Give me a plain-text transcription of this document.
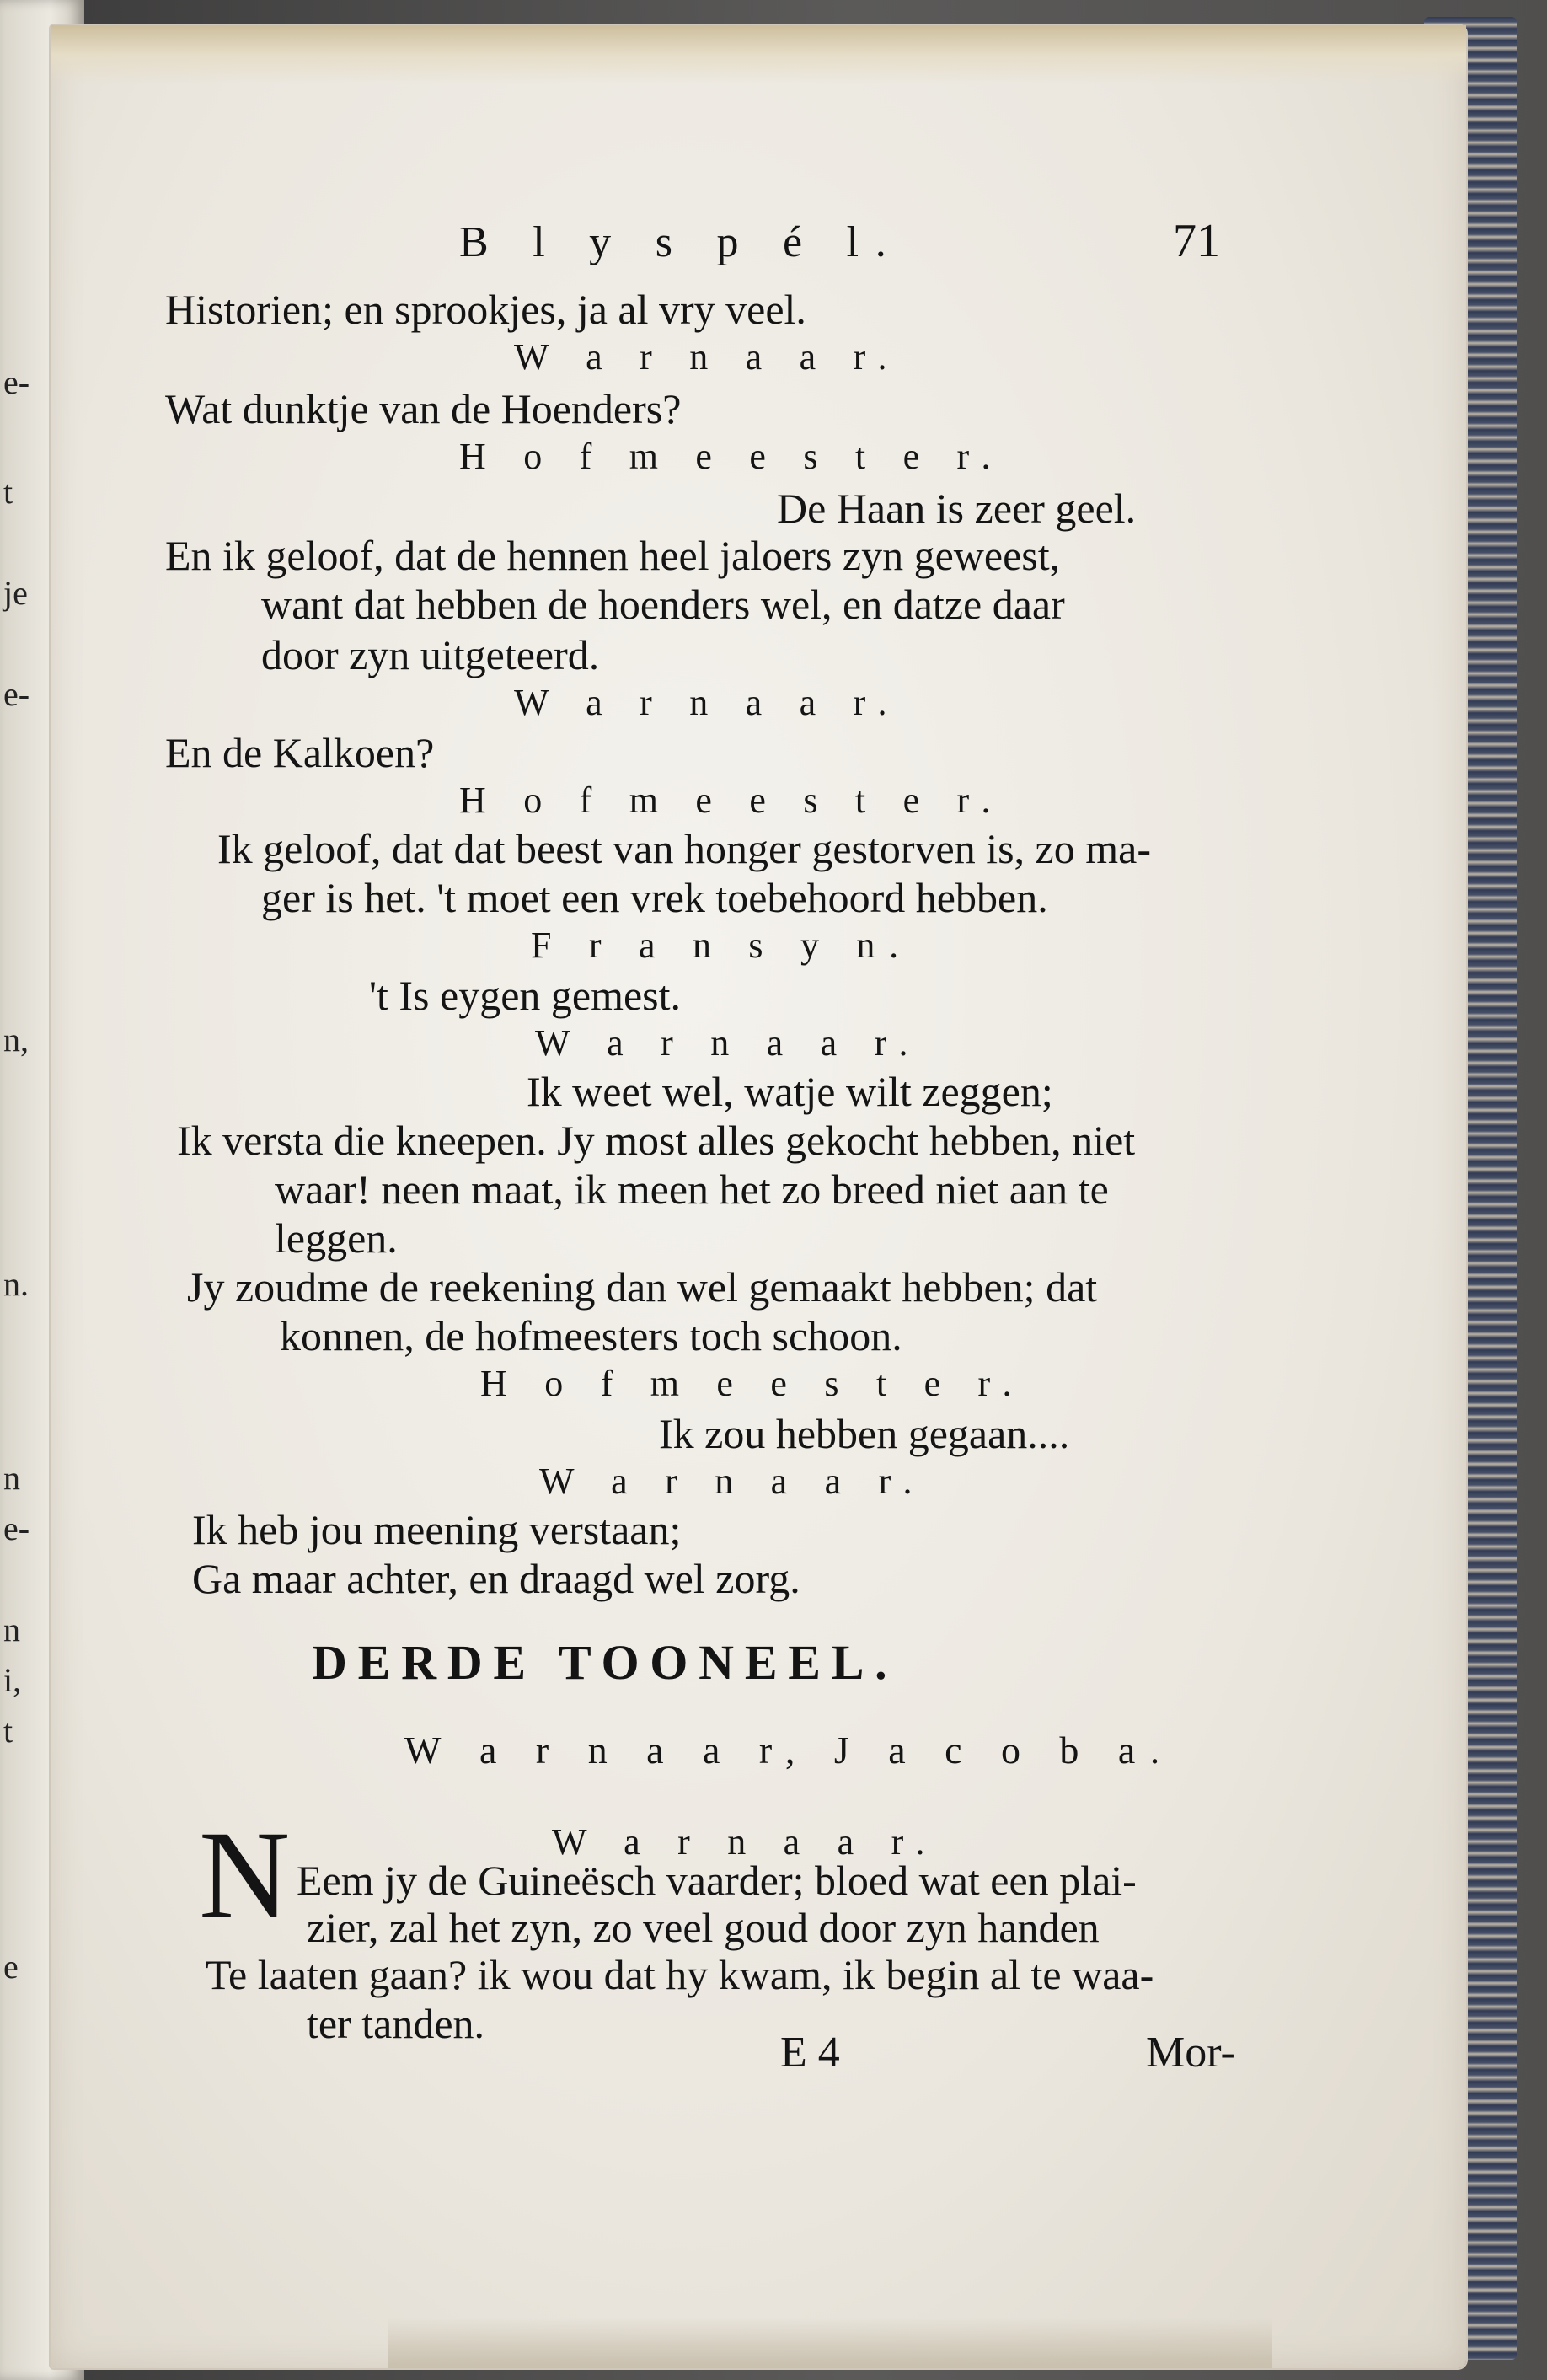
e-
t
je
e-
n,
n.
n
e-
n
i,
t
e
B l y s p é l.	71
Historien; en sprookjes, ja al vry veel.
W a r n a a r.
Wat dunktje van de Hoenders?
H o f m e e s t e r.
De Haan is zeer geel.
En ik geloof, dat de hennen heel jaloers zyn geweest,
want dat hebben de hoenders wel, en datze daar
door zyn uitgeteerd.
W a r n a a r.
En de Kalkoen?
H o f m e e s t e r.
Ik geloof, dat dat beest van honger gestorven is, zo ma-
ger is het. 't moet een vrek toebehoord hebben.
F r a n s y n.
't Is eygen gemest.
W a r n a a r.
Ik weet wel, watje wilt zeggen;
Ik versta die kneepen. Jy most alles gekocht hebben, niet
waar! neen maat, ik meen het zo breed niet aan te
leggen.
Jy zoudme de reekening dan wel gemaakt hebben; dat
konnen, de hofmeesters toch schoon.
H o f m e e s t e r.
Ik zou hebben gegaan....
W a r n a a r.
Ik heb jou meening verstaan;
Ga maar achter, en draagd wel zorg.
DERDE TOONEEL.
W a r n a a r, J a c o b a.
W a r n a a r.
N Eem jy de Guineësch vaarder; bloed wat een plai-
zier, zal het zyn, zo veel goud door zyn handen
Te laaten gaan? ik wou dat hy kwam, ik begin al te waa-
ter tanden.
E 4	Mor-
